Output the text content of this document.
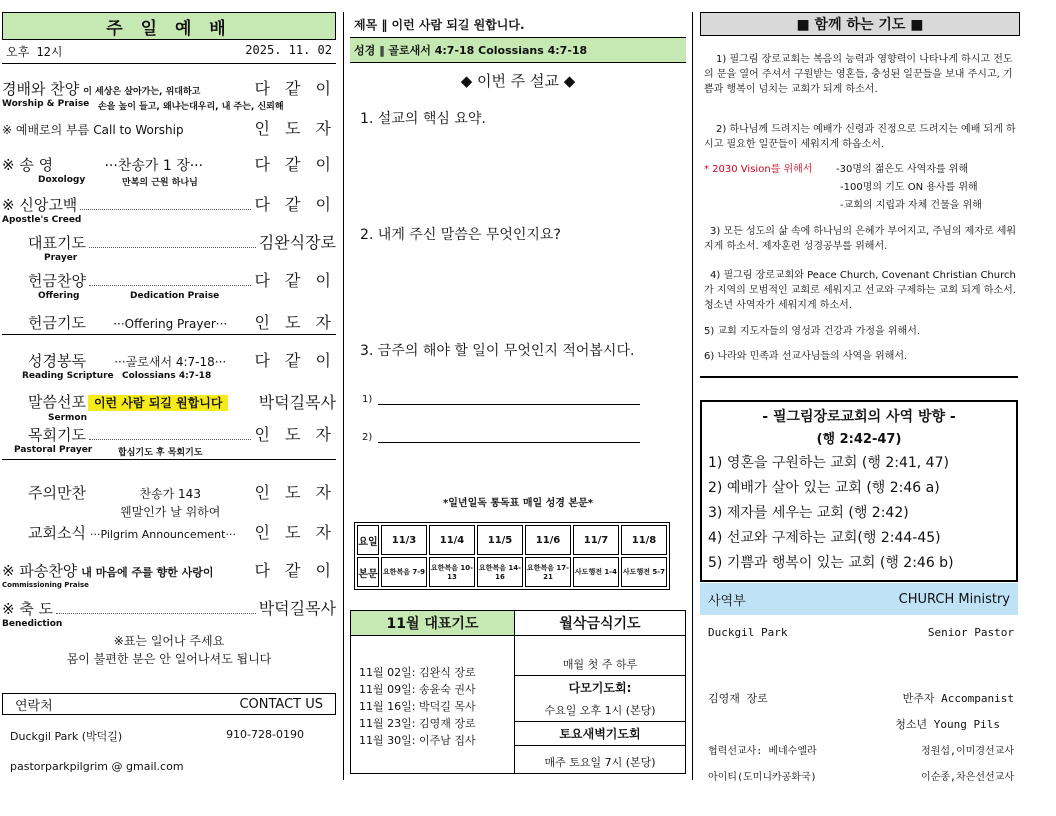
주 일 예 배
오후 12시	2025. 11. 02
경배와 찬양 이 세상은 살아가는, 위대하고	다 같 이
Worship & Praise 손을 높이 들고, 왜냐는대우리, 내 주는, 신뢰해
※ 예배로의 부름 Call to Worship	인 도 자
※ 송 영	···찬송가 1 장···	다 같 이
Doxology	만복의 근원 하나님
※ 신앙고백	다 같 이
Apostle's Creed
대표기도	김완식장로
Prayer
헌금찬양	다 같 이
Offering	Dedication Praise
헌금기도	···Offering Prayer···	인 도 자
성경봉독	···골로새서 4:7-18···	다 같 이
Reading Scripture Colossians 4:7-18
말씀선포 이런 사람 되길 원합니다	박덕길목사
Sermon
목회기도	인 도 자
Pastoral Prayer	합심기도 후 목회기도
주의만찬	찬송가 143	인 도 자
웬말인가 날 위하여
교회소식 ···Pilgrim Announcement···	인 도 자
※ 파송찬양 내 마음에 주를 향한 사랑이	다 같 이
Commissioning Praise
※ 축 도	박덕길목사
Benediction
※표는 일어나 주세요
몸이 불편한 분은 안 일어나셔도 됩니다
연락처	CONTACT US
Duckgil Park (박덕길)	910-728-0190
pastorparkpilgrim @ gmail.com
제목 ‖ 이런 사람 되길 원합니다.
성경 ‖ 골로새서 4:7-18 Colossians 4:7-18
◆ 이번 주 설교 ◆
1. 설교의 핵심 요약.
2. 내게 주신 말씀은 무엇인지요?
3. 금주의 해야 할 일이 무엇인지 적어봅시다.
1)
2)
*일년일독 통독표 매일 성경 본문*
요일	11/3	11/4	11/5	11/6	11/7	11/8
본문	요한복음 7-9	요한복음 10-13	요한복음 14-16	요한복음 17-21	사도행전 1-4	사도행전 5-7
11월 대표기도	월삭금식기도
11월 02일: 김완식 장로
11월 09일: 송윤숙 권사
11월 16일: 박덕길 목사
11월 23일: 김영재 장로
11월 30일: 이주남 집사
매월 첫 주 하루
다모기도회:
수요일 오후 1시 (본당)
토요새벽기도회
매주 토요일 7시 (본당)
■ 함께 하는 기도 ■
1) 필그림 장로교회는 복음의 능력과 영향력이 나타나게 하시고 전도의 문을 열어 주셔서 구원받는 영혼들, 충성된 일꾼들을 보내 주시고, 기쁨과 행복이 넘치는 교회가 되게 하소서.
2) 하나님께 드려지는 예배가 신령과 진정으로 드려지는 예배 되게 하시고 필요한 일꾼들이 세워지게 하옵소서.
* 2030 Vision를 위해서	-30명의 젊은도 사역자를 위해
-100명의 기도 ON 용사를 위해
-교회의 지립과 자체 건물을 위해
3) 모든 성도의 삶 속에 하나님의 은혜가 부어지고, 주님의 제자로 세워지게 하소서. 제자훈련 성경공부를 위해서.
4) 필그림 장로교회와 Peace Church, Covenant Christian Church 가 지역의 모범적인 교회로 세워지고 선교와 구제하는 교회 되게 하소서. 청소년 사역자가 세워지게 하소서.
5) 교회 지도자들의 영성과 건강과 가정을 위해서.
6) 나라와 민족과 선교사님들의 사역을 위해서.
- 필그림장로교회의 사역 방향 -
(행 2:42-47)
1) 영혼을 구원하는 교회 (행 2:41, 47)
2) 예배가 살아 있는 교회 (행 2:46 a)
3) 제자를 세우는 교회 (행 2:42)
4) 선교와 구제하는 교회(행 2:44-45)
5) 기쁨과 행복이 있는 교회 (행 2:46 b)
사역부	CHURCH Ministry
Duckgil Park	Senior Pastor
김영재 장로	반주자 Accompanist
청소년 Young Pils
협력선교사: 베네수엘라	정원섭,이미경선교사
아이티(도미니카공화국)	이순종,차은선선교사
